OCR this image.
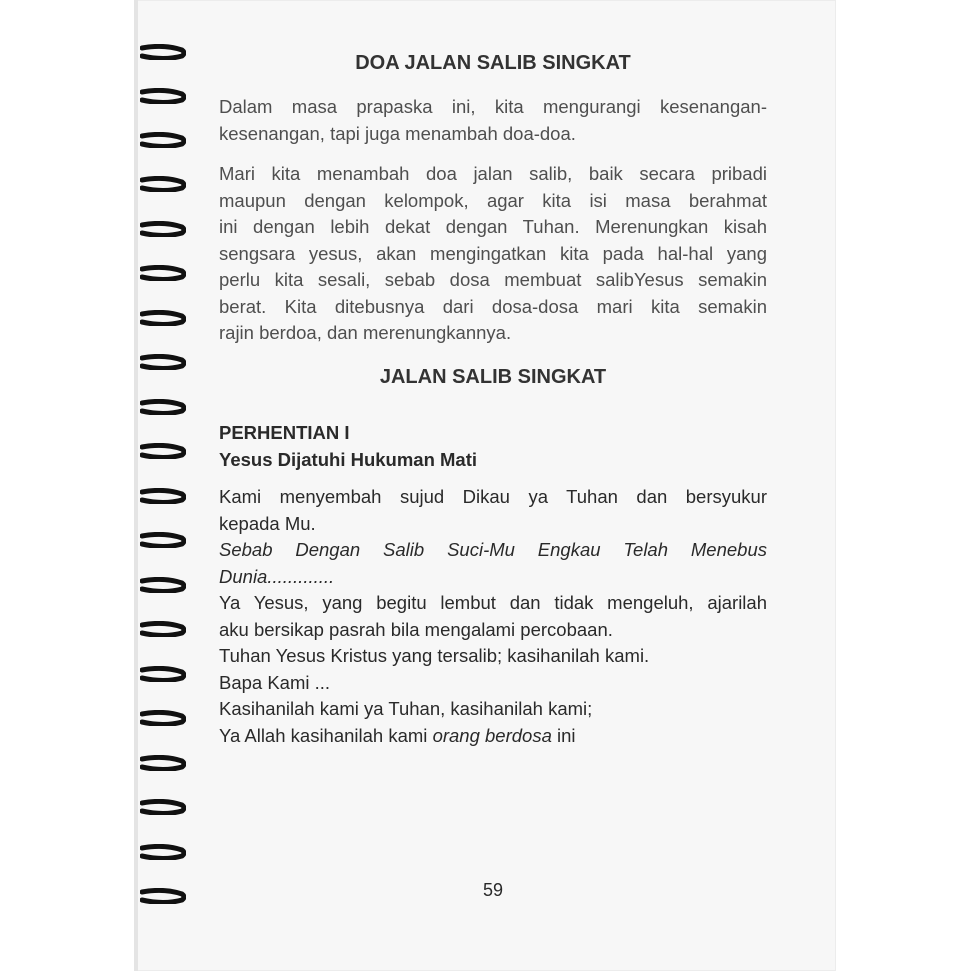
DOA JALAN SALIB SINGKAT

Dalam masa prapaska ini, kita mengurangi kesenangan-
kesenangan, tapi juga menambah doa-doa.

Mari kita menambah doa jalan salib, baik secara pribadi
maupun dengan kelompok, agar kita isi masa berahmat
ini dengan lebih dekat dengan Tuhan. Merenungkan kisah
sengsara yesus, akan mengingatkan kita pada hal-hal yang
perlu kita sesali, sebab dosa membuat salibYesus semakin
berat. Kita ditebusnya dari dosa-dosa mari kita semakin
rajin berdoa, dan merenungkannya.

JALAN SALIB SINGKAT
PERHENTIAN I
Yesus Dijatuhi Hukuman Mati
Kami menyembah sujud Dikau ya Tuhan dan bersyukur
kepada Mu.
Sebab Dengan Salib Suci-Mu Engkau Telah Menebus
Dunia.............
Ya Yesus, yang begitu lembut dan tidak mengeluh, ajarilah
aku bersikap pasrah bila mengalami percobaan.
Tuhan Yesus Kristus yang tersalib; kasihanilah kami.
Bapa Kami ...
Kasihanilah kami ya Tuhan, kasihanilah kami;
Ya Allah kasihanilah kami orang berdosa ini
59
